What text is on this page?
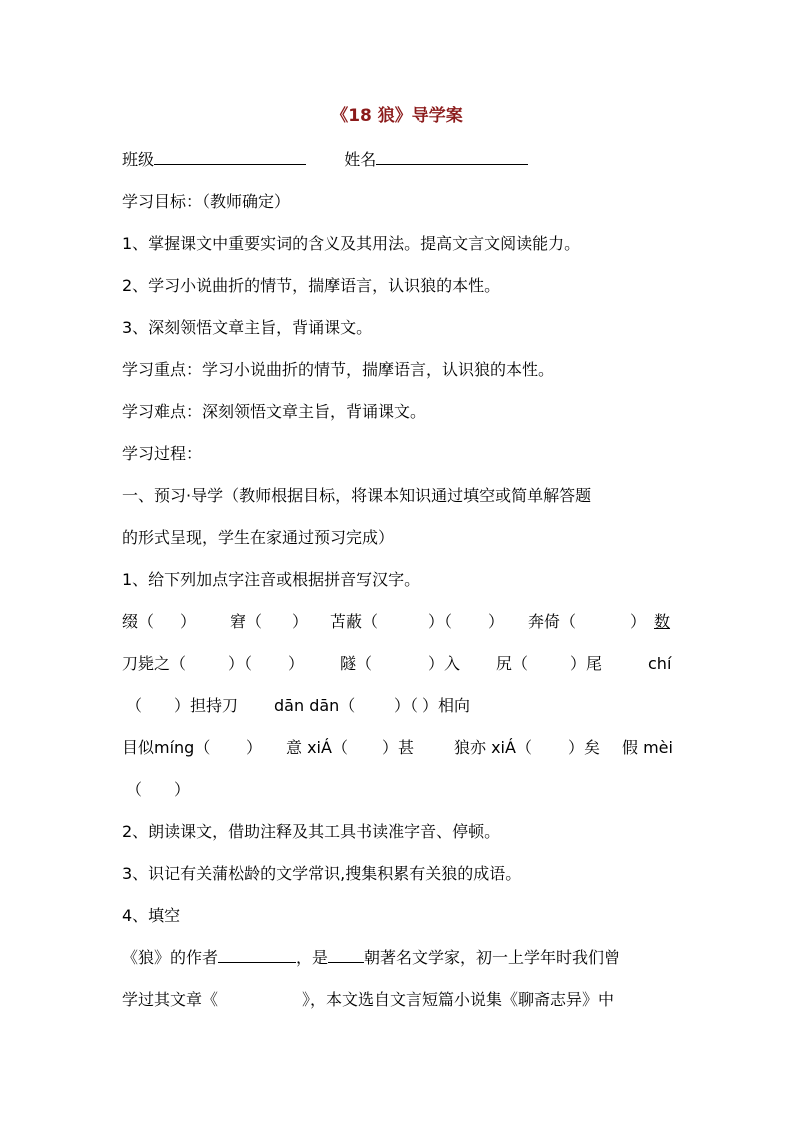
《18 狼》导学案
班级	姓名
学习目标：（教师确定）
1、掌握课文中重要实词的含义及其用法。提高文言文阅读能力。
2、学习小说曲折的情节，揣摩语言，认识狼的本性。
3、深刻领悟文章主旨，背诵课文。
学习重点：学习小说曲折的情节，揣摩语言，认识狼的本性。
学习难点：深刻领悟文章主旨，背诵课文。
学习过程：
一、预习·导学（教师根据目标，将课本知识通过填空或简单解答题
的形式呈现，学生在家通过预习完成）
1、给下列加点字注音或根据拼音写汉字。
缀（ ） 窘（ ） 苫蔽（	）（ ） 奔倚（	） 数
刀毙之（	）（ ） 隧（	）入 尻（	）尾	chí
（ ）担持刀 dān dān（ ）（ ）相向
目似míng（ ） 意 xiÁ（ ）甚 狼亦 xiÁ（ ）矣 假 mèi
（ ）
2、朗读课文，借助注释及其工具书读准字音、停顿。
3、识记有关蒲松龄的文学常识,搜集积累有关狼的成语。
4、填空
《狼》的作者	，是 朝著名文学家，初一上学年时我们曾
学过其文章《	》，本文选自文言短篇小说集《聊斋志异》中
